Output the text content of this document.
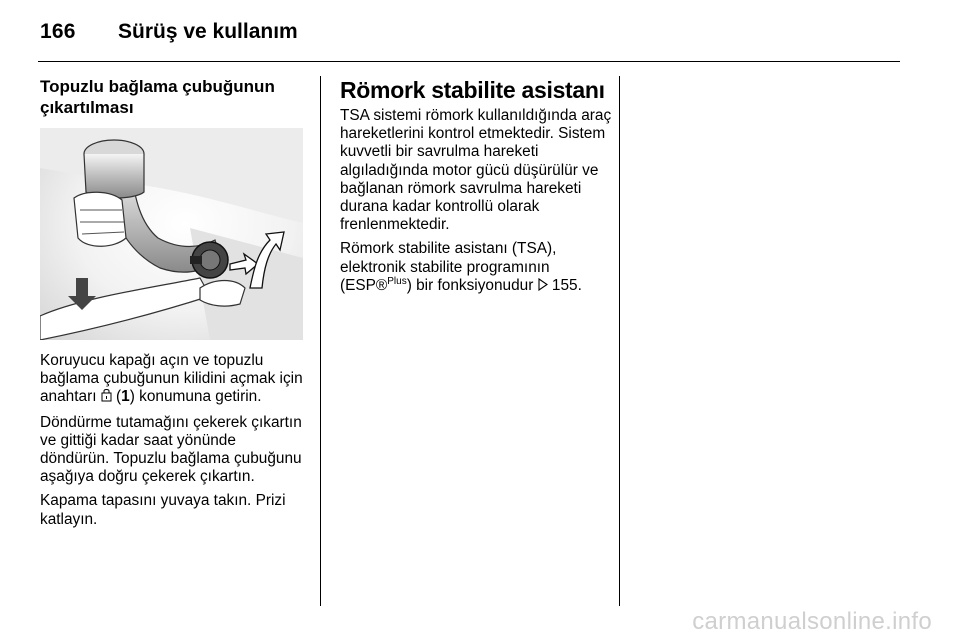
166 Sürüş ve kullanım
Topuzlu bağlama çubuğunun
çıkartılması

Koruyucu kapağı açın ve topuzlu bağlama çubuğunun kilidini açmak için anahtarı  (1) konumuna getirin.

Döndürme tutamağını çekerek çıkartın ve gittiği kadar saat yönünde döndürün. Topuzlu bağlama çubuğunu aşağıya doğru çekerek çıkartın.

Kapama tapasını yuvaya takın. Prizi katlayın.

Römork stabilite asistanı

TSA sistemi römork kullanıldığında araç hareketlerini kontrol etmektedir. Sistem kuvvetli bir savrulma hareketi algıladığında motor gücü düşürülür ve bağlanan römork savrulma hareketi durana kadar kontrollü olarak frenlenmektedir.

Römork stabilite asistanı (TSA), elektronik stabilite programının (ESP®$^{Plus}$) bir fonksiyonudur  155.

carmanualsonline.info
